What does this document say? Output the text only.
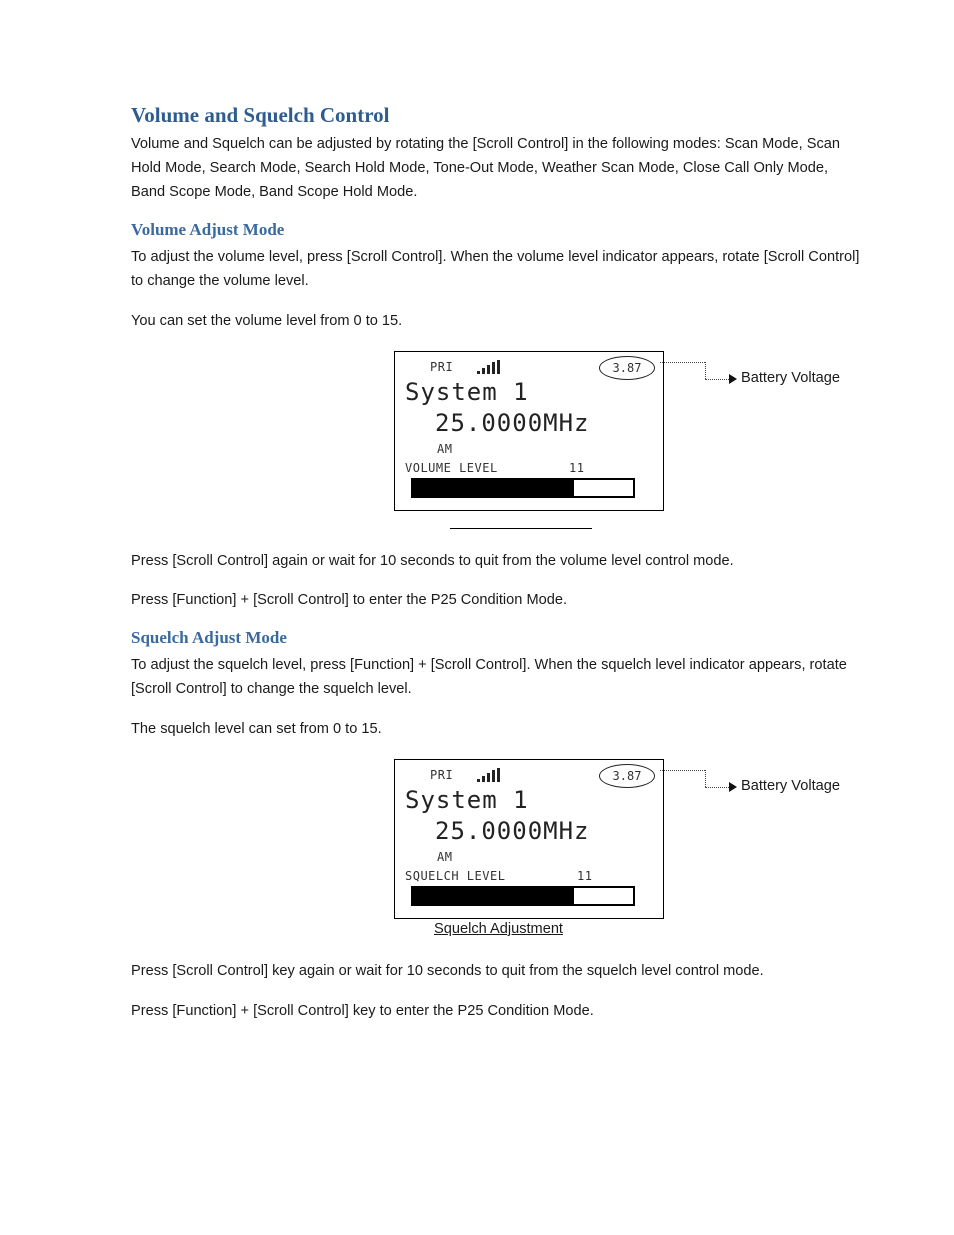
Volume and Squelch Control

Volume and Squelch can be adjusted by rotating the [Scroll Control] in the following modes: Scan Mode, Scan Hold Mode, Search Mode, Search Hold Mode, Tone-Out Mode, Weather Scan Mode, Close Call Only Mode, Band Scope Mode, Band Scope Hold Mode.

Volume Adjust Mode

To adjust the volume level, press [Scroll Control]. When the volume level indicator appears, rotate [Scroll Control] to change the volume level.

You can set the volume level from 0 to 15.

PRI	3.87
System 1
25.0000MHz
AM
VOLUME LEVEL	11
Battery Voltage

Press [Scroll Control] again or wait for 10 seconds to quit from the volume level control mode.

Press [Function] + [Scroll Control] to enter the P25 Condition Mode.

Squelch Adjust Mode

To adjust the squelch level, press [Function] + [Scroll Control]. When the squelch level indicator appears, rotate [Scroll Control] to change the squelch level.

The squelch level can set from 0 to 15.

PRI	3.87
System 1
25.0000MHz
AM
SQUELCH LEVEL	11
Battery Voltage
Squelch Adjustment

Press [Scroll Control] key again or wait for 10 seconds to quit from the squelch level control mode.

Press [Function] + [Scroll Control] key to enter the P25 Condition Mode.
